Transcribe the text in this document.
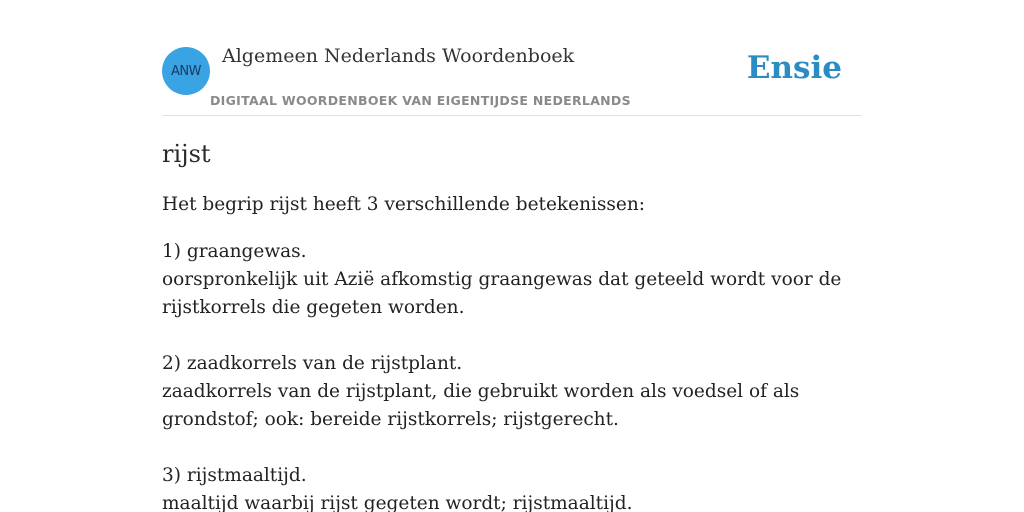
ANW
Algemeen Nederlands Woordenboek
DIGITAAL WOORDENBOEK VAN EIGENTIJDSE NEDERLANDS
Ensie
rijst

Het begrip rijst heeft 3 verschillende betekenissen:

1) graangewas.
oorspronkelijk uit Azië afkomstig graangewas dat geteeld wordt voor de rijstkorrels die gegeten worden.
2) zaadkorrels van de rijstplant.
zaadkorrels van de rijstplant, die gebruikt worden als voedsel of als grondstof; ook: bereide rijstkorrels; rijstgerecht.
3) rijstmaaltijd.
maaltijd waarbij rijst gegeten wordt; rijstmaaltijd.
